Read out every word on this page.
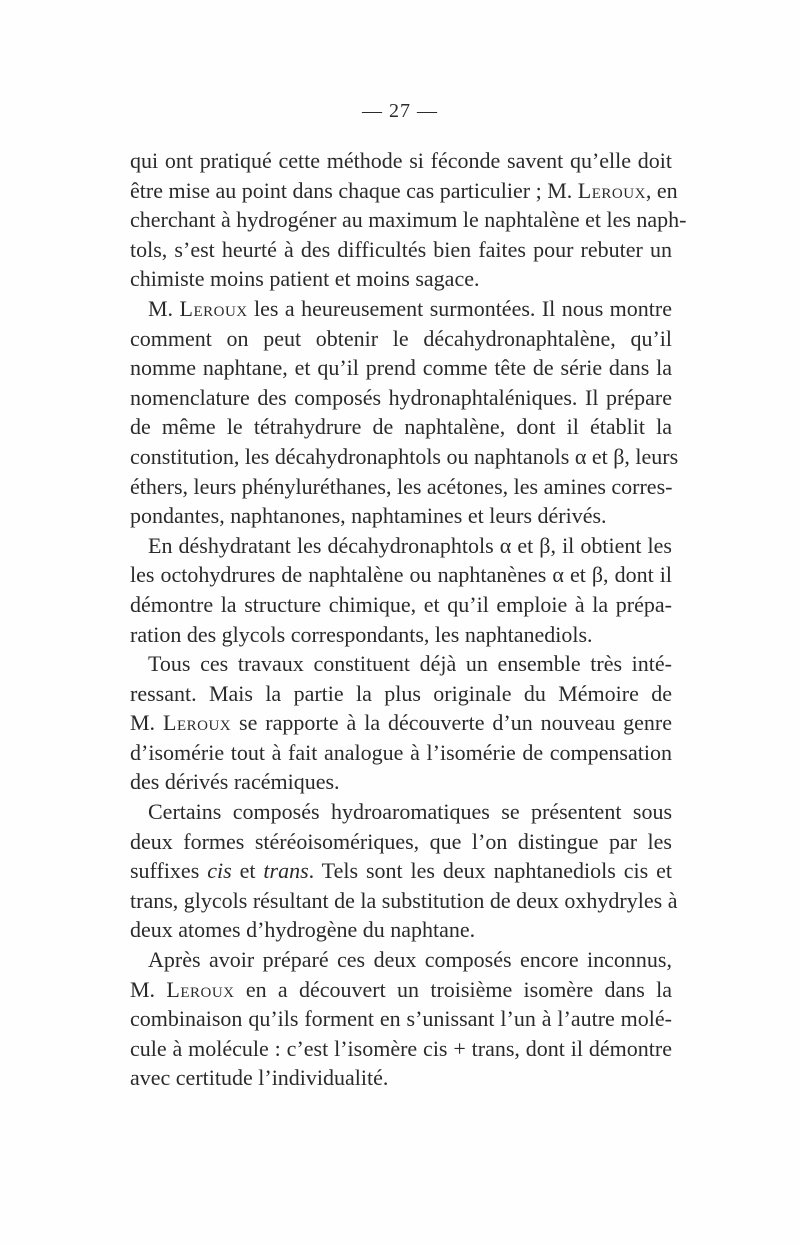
— 27 —
qui ont pratiqué cette méthode si féconde savent qu’elle doit
être mise au point dans chaque cas particulier ; M. Leroux, en
cherchant à hydrogéner au maximum le naphtalène et les naph-
tols, s’est heurté à des difficultés bien faites pour rebuter un
chimiste moins patient et moins sagace.
M. Leroux les a heureusement surmontées. Il nous montre
comment on peut obtenir le décahydronaphtalène, qu’il
nomme naphtane, et qu’il prend comme tête de série dans la
nomenclature des composés hydronaphtaléniques. Il prépare
de même le tétrahydrure de naphtalène, dont il établit la
constitution, les décahydronaphtols ou naphtanols α et β, leurs
éthers, leurs phényluréthanes, les acétones, les amines corres-
pondantes, naphtanones, naphtamines et leurs dérivés.
En déshydratant les décahydronaphtols α et β, il obtient les
les octohydrures de naphtalène ou naphtanènes α et β, dont il
démontre la structure chimique, et qu’il emploie à la prépa-
ration des glycols correspondants, les naphtanediols.
Tous ces travaux constituent déjà un ensemble très inté-
ressant. Mais la partie la plus originale du Mémoire de
M. Leroux se rapporte à la découverte d’un nouveau genre
d’isomérie tout à fait analogue à l’isomérie de compensation
des dérivés racémiques.
Certains composés hydroaromatiques se présentent sous
deux formes stéréoisomériques, que l’on distingue par les
suffixes cis et trans. Tels sont les deux naphtanediols cis et
trans, glycols résultant de la substitution de deux oxhydryles à
deux atomes d’hydrogène du naphtane.
Après avoir préparé ces deux composés encore inconnus,
M. Leroux en a découvert un troisième isomère dans la
combinaison qu’ils forment en s’unissant l’un à l’autre molé-
cule à molécule : c’est l’isomère cis + trans, dont il démontre
avec certitude l’individualité.
